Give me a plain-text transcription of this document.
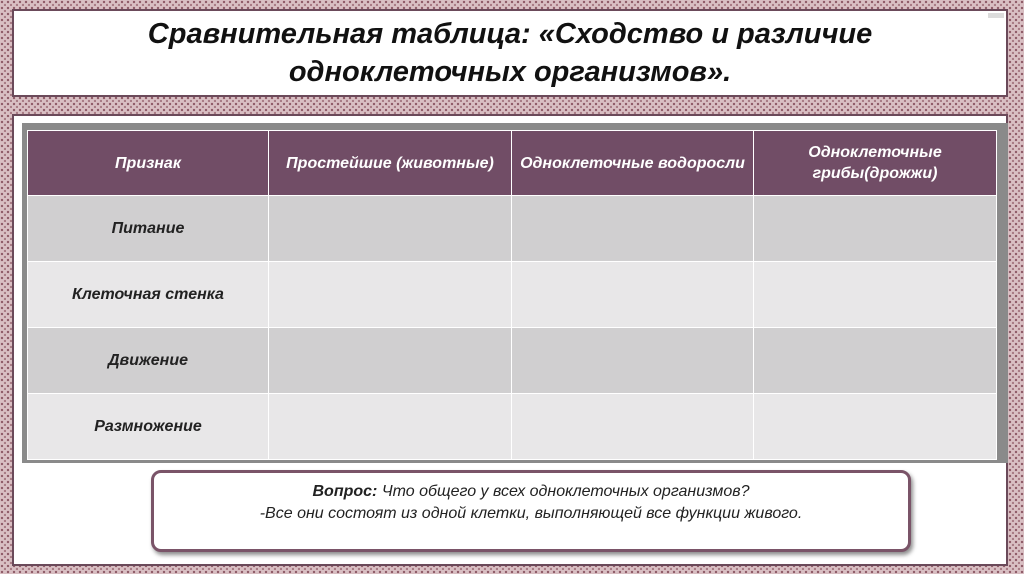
Сравнительная таблица: «Сходство и различие
одноклеточных организмов».
Признак	Простейшие (животные)	Одноклеточные водоросли	Одноклеточные грибы(дрожжи)
Питание			
Клеточная стенка			
Движение			
Размножение			
Вопрос: Что общего у всех одноклеточных организмов?
-Все они состоят из одной клетки, выполняющей все функции живого.
